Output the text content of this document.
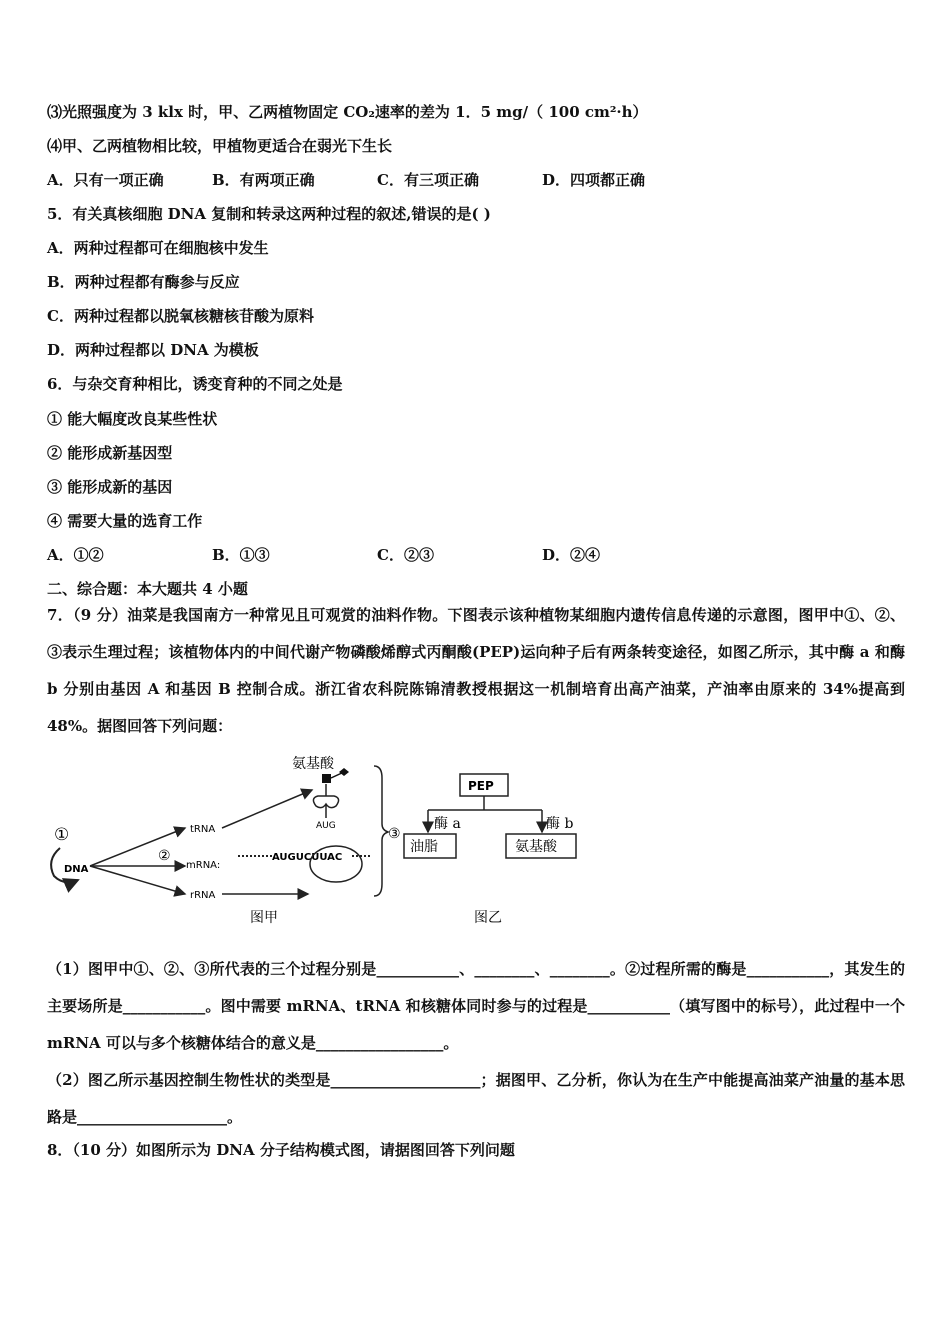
⑶光照强度为 3 klx 时，甲、乙两植物固定 CO₂速率的差为 1．5 mg/（ 100 cm²·h）
⑷甲、乙两植物相比较，甲植物更适合在弱光下生长
A．只有一项正确	B．有两项正确	C．有三项正确	D．四项都正确
5．有关真核细胞 DNA 复制和转录这两种过程的叙述,错误的是( )
A．两种过程都可在细胞核中发生
B．两种过程都有酶参与反应
C．两种过程都以脱氧核糖核苷酸为原料
D．两种过程都以 DNA 为模板
6．与杂交育种相比，诱变育种的不同之处是
① 能大幅度改良某些性状
② 能形成新基因型
③ 能形成新的基因
④ 需要大量的选育工作
A．①②	B．①③	C．②③	D．②④
二、综合题：本大题共 4 小题
7．（9 分）油菜是我国南方一种常见且可观赏的油料作物。下图表示该种植物某细胞内遗传信息传递的示意图，图甲中①、②、③表示生理过程；该植物体内的中间代谢产物磷酸烯醇式丙酮酸(PEP)运向种子后有两条转变途径，如图乙所示，其中酶 a 和酶 b 分别由基因 A 和基因 B 控制合成。浙江省农科院陈锦清教授根据这一机制培育出高产油菜，产油率由原来的 34%提高到 48%。据图回答下列问题：
氨基酸
AUG	③
①
DNA
②
tRNA
mRNA:
rRNA
AUGUCUUAC
图甲
PEP
酶 a	酶 b
油脂	氨基酸
图乙
（1）图甲中①、②、③所代表的三个过程分别是___________、________、________。②过程所需的酶是___________，其发生的主要场所是___________。图中需要 mRNA、tRNA 和核糖体同时参与的过程是___________（填写图中的标号），此过程中一个 mRNA 可以与多个核糖体结合的意义是_________________。
（2）图乙所示基因控制生物性状的类型是____________________；据图甲、乙分析，你认为在生产中能提高油菜产油量的基本思路是____________________。
8．（10 分）如图所示为 DNA 分子结构模式图，请据图回答下列问题
